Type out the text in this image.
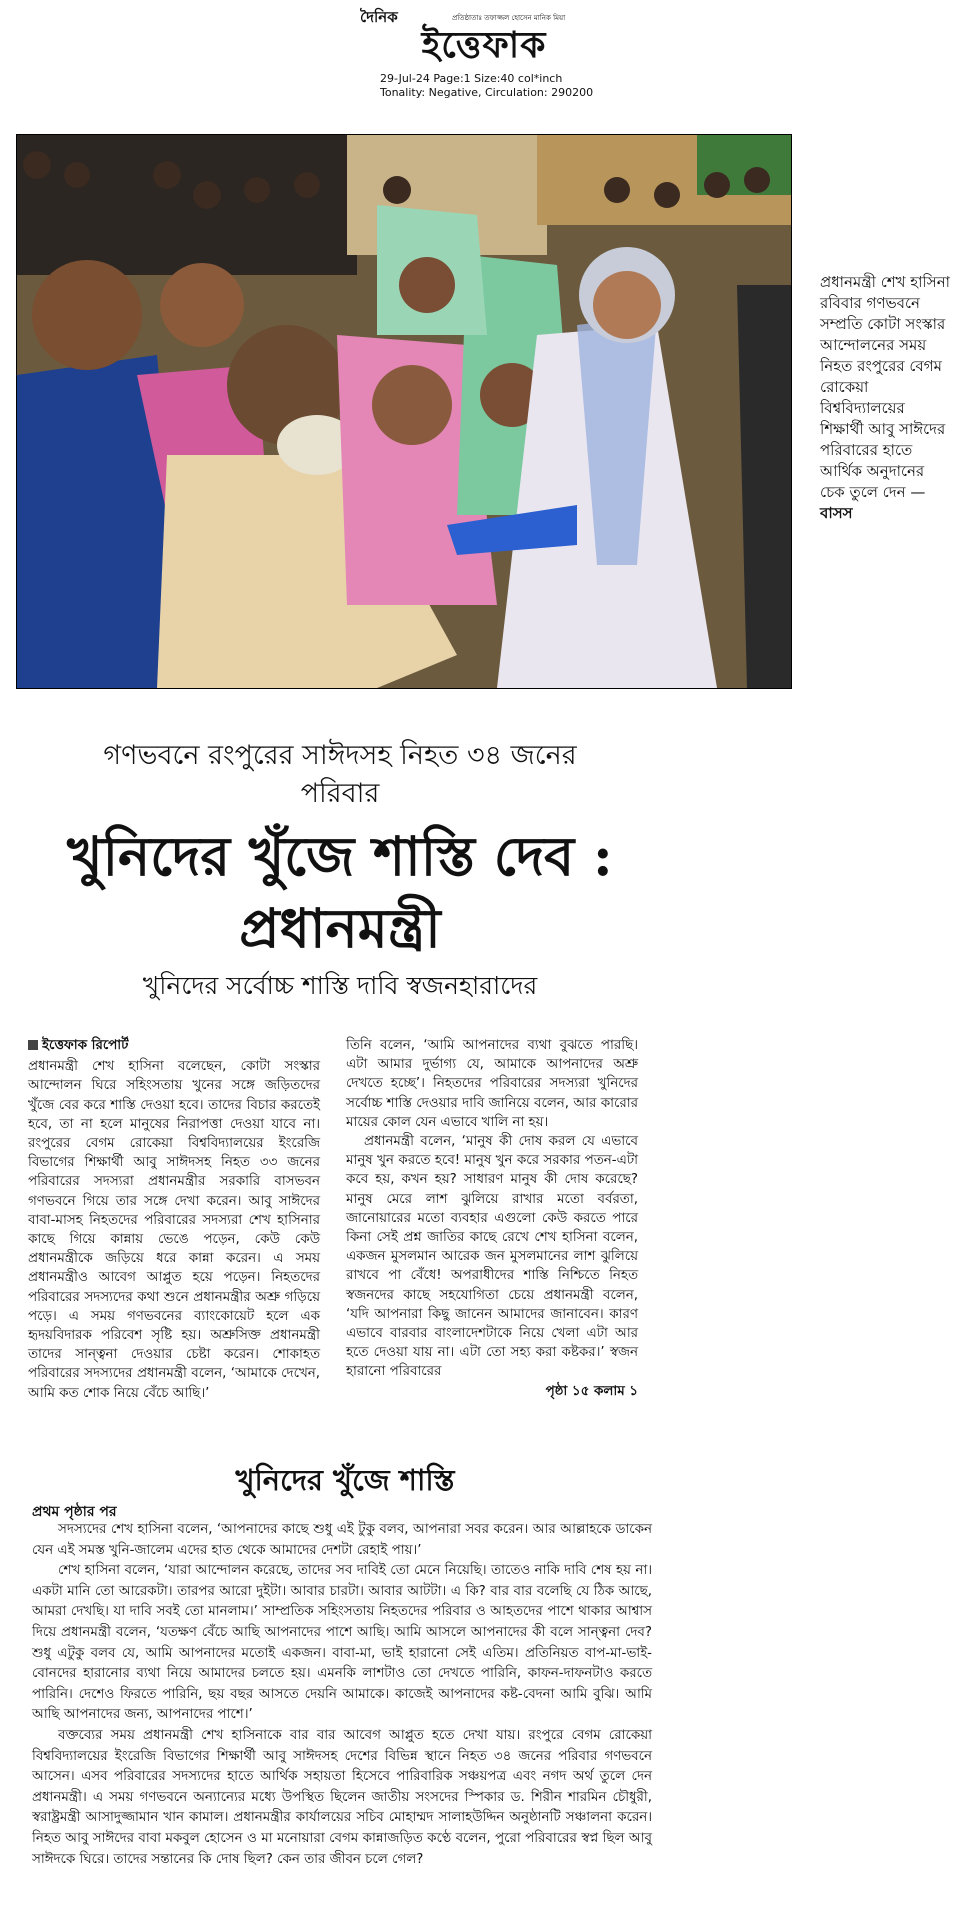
দৈনিক	প্রতিষ্ঠাতাঃ তফাজ্জল হোসেন মানিক মিয়া
ইত্তেফাক
29-Jul-24 Page:1 Size:40 col*inch
Tonality: Negative, Circulation: 290200
প্রধানমন্ত্রী শেখ হাসিনা রবিবার গণভবনে সম্প্রতি কোটা সংস্কার আন্দোলনের সময় নিহত রংপুরের বেগম রোকেয়া বিশ্ববিদ্যালয়ের শিক্ষার্থী আবু সাঈদের পরিবারের হাতে আর্থিক অনুদানের চেক তুলে দেন —বাসস
গণভবনে রংপুরের সাঈদসহ নিহত ৩৪ জনের পরিবার
খুনিদের খুঁজে শাস্তি দেব : প্রধানমন্ত্রী
খুনিদের সর্বোচ্চ শাস্তি দাবি স্বজনহারাদের
ইত্তেফাক রিপোর্ট
প্রধানমন্ত্রী শেখ হাসিনা বলেছেন, কোটা সংস্কার আন্দোলন ঘিরে সহিংসতায় খুনের সঙ্গে জড়িতদের খুঁজে বের করে শাস্তি দেওয়া হবে। তাদের বিচার করতেই হবে, তা না হলে মানুষের নিরাপত্তা দেওয়া যাবে না। রংপুরের বেগম রোকেয়া বিশ্ববিদ্যালয়ের ইংরেজি বিভাগের শিক্ষার্থী আবু সাঈদসহ নিহত ৩৩ জনের পরিবারের সদস্যরা প্রধানমন্ত্রীর সরকারি বাসভবন গণভবনে গিয়ে তার সঙ্গে দেখা করেন। আবু সাঈদের বাবা-মাসহ নিহতদের পরিবারের সদস্যরা শেখ হাসিনার কাছে গিয়ে কান্নায় ভেঙে পড়েন, কেউ কেউ প্রধানমন্ত্রীকে জড়িয়ে ধরে কান্না করেন। এ সময় প্রধানমন্ত্রীও আবেগ আপ্লুত হয়ে পড়েন। নিহতদের পরিবারের সদস্যদের কথা শুনে প্রধানমন্ত্রীর অশ্রু গড়িয়ে পড়ে। এ সময় গণভবনের ব্যাংকোয়েট হলে এক হৃদয়বিদারক পরিবেশ সৃষ্টি হয়। অশ্রুসিক্ত প্রধানমন্ত্রী তাদের সান্ত্বনা দেওয়ার চেষ্টা করেন। শোকাহত পরিবারের সদস্যদের প্রধানমন্ত্রী বলেন, ‘আমাকে দেখেন, আমি কত শোক নিয়ে বেঁচে আছি।’
তিনি বলেন, ‘আমি আপনাদের ব্যথা বুঝতে পারছি। এটা আমার দুর্ভাগ্য যে, আমাকে আপনাদের অশ্রু দেখতে হচ্ছে’। নিহতদের পরিবারের সদস্যরা খুনিদের সর্বোচ্চ শাস্তি দেওয়ার দাবি জানিয়ে বলেন, আর কারোর মায়ের কোল যেন এভাবে খালি না হয়।

প্রধানমন্ত্রী বলেন, ‘মানুষ কী দোষ করল যে এভাবে মানুষ খুন করতে হবে! মানুষ খুন করে সরকার পতন-এটা কবে হয়, কখন হয়? সাধারণ মানুষ কী দোষ করেছে? মানুষ মেরে লাশ ঝুলিয়ে রাখার মতো বর্বরতা, জানোয়ারের মতো ব্যবহার এগুলো কেউ করতে পারে কিনা সেই প্রশ্ন জাতির কাছে রেখে শেখ হাসিনা বলেন, একজন মুসলমান আরেক জন মুসলমানের লাশ ঝুলিয়ে রাখবে পা বেঁধে! অপরাধীদের শাস্তি নিশ্চিতে নিহত স্বজনদের কাছে সহযোগিতা চেয়ে প্রধানমন্ত্রী বলেন, ‘যদি আপনারা কিছু জানেন আমাদের জানাবেন। কারণ এভাবে বারবার বাংলাদেশটাকে নিয়ে খেলা এটা আর হতে দেওয়া যায় না। এটা তো সহ্য করা কষ্টকর।’ স্বজন হারানো পরিবারের

পৃষ্ঠা ১৫ কলাম ১
খুনিদের খুঁজে শাস্তি
প্রথম পৃষ্ঠার পর

সদস্যদের শেখ হাসিনা বলেন, ‘আপনাদের কাছে শুধু এই টুকু বলব, আপনারা সবর করেন। আর আল্লাহকে ডাকেন যেন এই সমস্ত খুনি-জালেম এদের হাত থেকে আমাদের দেশটা রেহাই পায়।’

শেখ হাসিনা বলেন, ‘যারা আন্দোলন করেছে, তাদের সব দাবিই তো মেনে নিয়েছি। তাতেও নাকি দাবি শেষ হয় না। একটা মানি তো আরেকটা। তারপর আরো দুইটা। আবার চারটা। আবার আটটা। এ কি? বার বার বলেছি যে ঠিক আছে, আমরা দেখছি। যা দাবি সবই তো মানলাম।’ সাম্প্রতিক সহিংসতায় নিহতদের পরিবার ও আহতদের পাশে থাকার আশ্বাস দিয়ে প্রধানমন্ত্রী বলেন, ‘যতক্ষণ বেঁচে আছি আপনাদের পাশে আছি। আমি আসলে আপনাদের কী বলে সান্ত্বনা দেব? শুধু এটুকু বলব যে, আমি আপনাদের মতোই একজন। বাবা-মা, ভাই হারানো সেই এতিম। প্রতিনিয়ত বাপ-মা-ভাই-বোনদের হারানোর ব্যথা নিয়ে আমাদের চলতে হয়। এমনকি লাশটাও তো দেখতে পারিনি, কাফন-দাফনটাও করতে পারিনি। দেশেও ফিরতে পারিনি, ছয় বছর আসতে দেয়নি আমাকে। কাজেই আপনাদের কষ্ট-বেদনা আমি বুঝি। আমি আছি আপনাদের জন্য, আপনাদের পাশে।’

বক্তব্যের সময় প্রধানমন্ত্রী শেখ হাসিনাকে বার বার আবেগ আপ্লুত হতে দেখা যায়। রংপুরে বেগম রোকেয়া বিশ্ববিদ্যালয়ের ইংরেজি বিভাগের শিক্ষার্থী আবু সাঈদসহ দেশের বিভিন্ন স্থানে নিহত ৩৪ জনের পরিবার গণভবনে আসেন। এসব পরিবারের সদস্যদের হাতে আর্থিক সহায়তা হিসেবে পারিবারিক সঞ্চয়পত্র এবং নগদ অর্থ তুলে দেন প্রধানমন্ত্রী। এ সময় গণভবনে অন্যান্যের মধ্যে উপস্থিত ছিলেন জাতীয় সংসদের স্পিকার ড. শিরীন শারমিন চৌধুরী, স্বরাষ্ট্রমন্ত্রী আসাদুজ্জামান খান কামাল। প্রধানমন্ত্রীর কার্যালয়ের সচিব মোহাম্মদ সালাহউদ্দিন অনুষ্ঠানটি সঞ্চালনা করেন। নিহত আবু সাঈদের বাবা মকবুল হোসেন ও মা মনোয়ারা বেগম কান্নাজড়িত কণ্ঠে বলেন, পুরো পরিবারের স্বপ্ন ছিল আবু সাঈদকে ঘিরে। তাদের সন্তানের কি দোষ ছিল? কেন তার জীবন চলে গেল?
